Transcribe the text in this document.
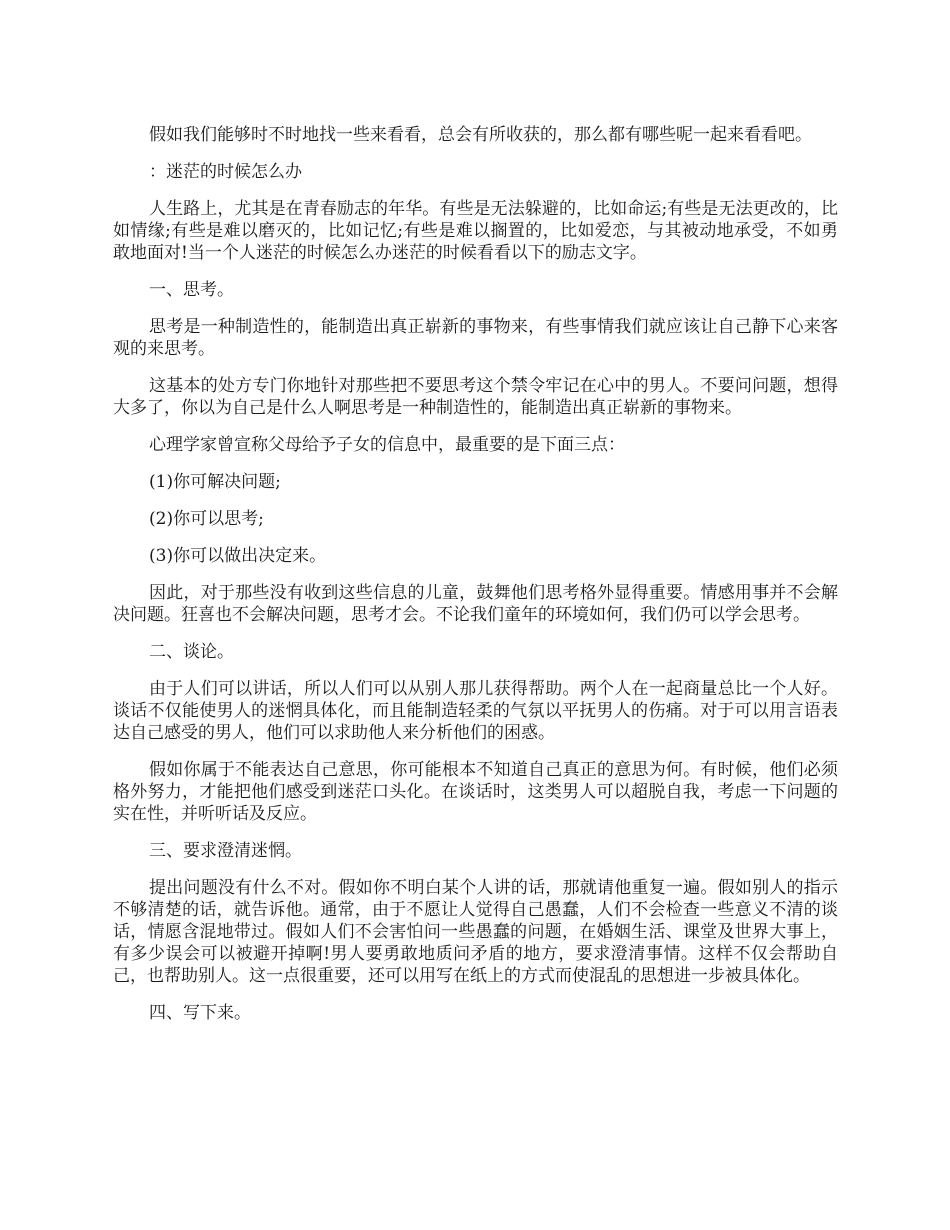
假如我们能够时不时地找一些来看看，总会有所收获的，那么都有哪些呢一起来看看吧。

：迷茫的时候怎么办

人生路上，尤其是在青春励志的年华。有些是无法躲避的，比如命运;有些是无法更改的，比如情缘;有些是难以磨灭的，比如记忆;有些是难以搁置的，比如爱恋，与其被动地承受，不如勇敢地面对!当一个人迷茫的时候怎么办迷茫的时候看看以下的励志文字。

一、思考。

思考是一种制造性的，能制造出真正崭新的事物来，有些事情我们就应该让自己静下心来客观的来思考。

这基本的处方专门你地针对那些把不要思考这个禁令牢记在心中的男人。不要问问题，想得大多了，你以为自己是什么人啊思考是一种制造性的，能制造出真正崭新的事物来。

心理学家曾宣称父母给予子女的信息中，最重要的是下面三点：

(1)你可解决问题;

(2)你可以思考;

(3)你可以做出决定来。

因此，对于那些没有收到这些信息的儿童，鼓舞他们思考格外显得重要。情感用事并不会解决问题。狂喜也不会解决问题，思考才会。不论我们童年的环境如何，我们仍可以学会思考。

二、谈论。

由于人们可以讲话，所以人们可以从别人那儿获得帮助。两个人在一起商量总比一个人好。谈话不仅能使男人的迷惘具体化，而且能制造轻柔的气氛以平抚男人的伤痛。对于可以用言语表达自己感受的男人，他们可以求助他人来分析他们的困惑。

假如你属于不能表达自己意思，你可能根本不知道自己真正的意思为何。有时候，他们必须格外努力，才能把他们感受到迷茫口头化。在谈话时，这类男人可以超脱自我，考虑一下问题的实在性，并听听话及反应。

三、要求澄清迷惘。

提出问题没有什么不对。假如你不明白某个人讲的话，那就请他重复一遍。假如别人的指示不够清楚的话，就告诉他。通常，由于不愿让人觉得自己愚蠢，人们不会检查一些意义不清的谈话，情愿含混地带过。假如人们不会害怕问一些愚蠢的问题，在婚姻生活、课堂及世界大事上，有多少误会可以被避开掉啊!男人要勇敢地质问矛盾的地方，要求澄清事情。这样不仅会帮助自己，也帮助别人。这一点很重要，还可以用写在纸上的方式而使混乱的思想进一步被具体化。

四、写下来。
